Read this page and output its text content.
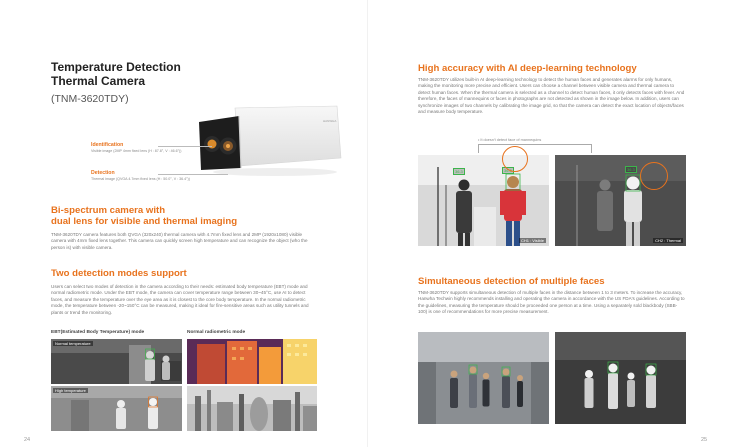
Temperature Detection
Thermal Camera
(TNM-3620TDY)
HANWHA
Identification
Visible image (2MP 4mm fixed lens (H : 87.8°, V : 46.6°))
Detection
Thermal image (QVGA 4.7mm fixed lens (H : 50.0°, V : 36.4°))
Bi-spectrum camera with
dual lens for visible and thermal imaging
TNM-3620TDY camera features both QVGA (320x240) thermal camera with 4.7mm fixed lens and 2MP (1920x1080) visible camera with 4mm fixed lens together. This camera can quickly screen high temperature and can recognize the object (who the person is) with visible camera.
Two detection modes support
Users can select two modes of detection in the camera according to their needs: estimated body temperature (EBT) mode and normal radiometric mode. Under the EBT mode, the camera can cover temperature range between 30~45°C, use AI to detect faces, and measure the temperature over the eye area as it is closest to the core body temperature. In the normal radiometric mode, the temperature between -20~150°C can be measured, making it ideal for fire-sensitive areas such as utility tunnels and plants or trend the monitoring.
EBT(Estimated Body Temperature) mode	Normal radiometric mode
Normal temperature
High temperature
24
High accuracy with AI deep-learning technology
TNM-3620TDY utilizes built-in AI deep-learning technology to detect the human faces and generates alarms for only humans, making the monitoring more precise and efficient. Users can choose a channel between visible camera and thermal camera to detect human faces. When the thermal camera is selected as a channel to detect human faces, it only detects faces with fever. And therefore, the faces of mannequins or faces in photographs are not detected as shown in the image below. In addition, users can synchronize images of two channels by calibrating the image grid, so that the camera can detect the exact location of objects/faces and measure body temperature.
• It doesn't detect face of mannequins
36.3	36.3
CH1 : Visible
36.3
CH2 : Thermal
Simultaneous detection of multiple faces
TNM-3620TDY supports simultaneous detection of multiple faces in the distance between 1 to 3 meters. To increase the accuracy, Hanwha Techwin highly recommends installing and operating the camera in accordance with the US FDA's guidelines. According to the guidelines, measuring the temperature should be proceeded one person at a time. Using a separately sold blackbody (SBB-100) is one of recommendations for more precise measurement.
25
